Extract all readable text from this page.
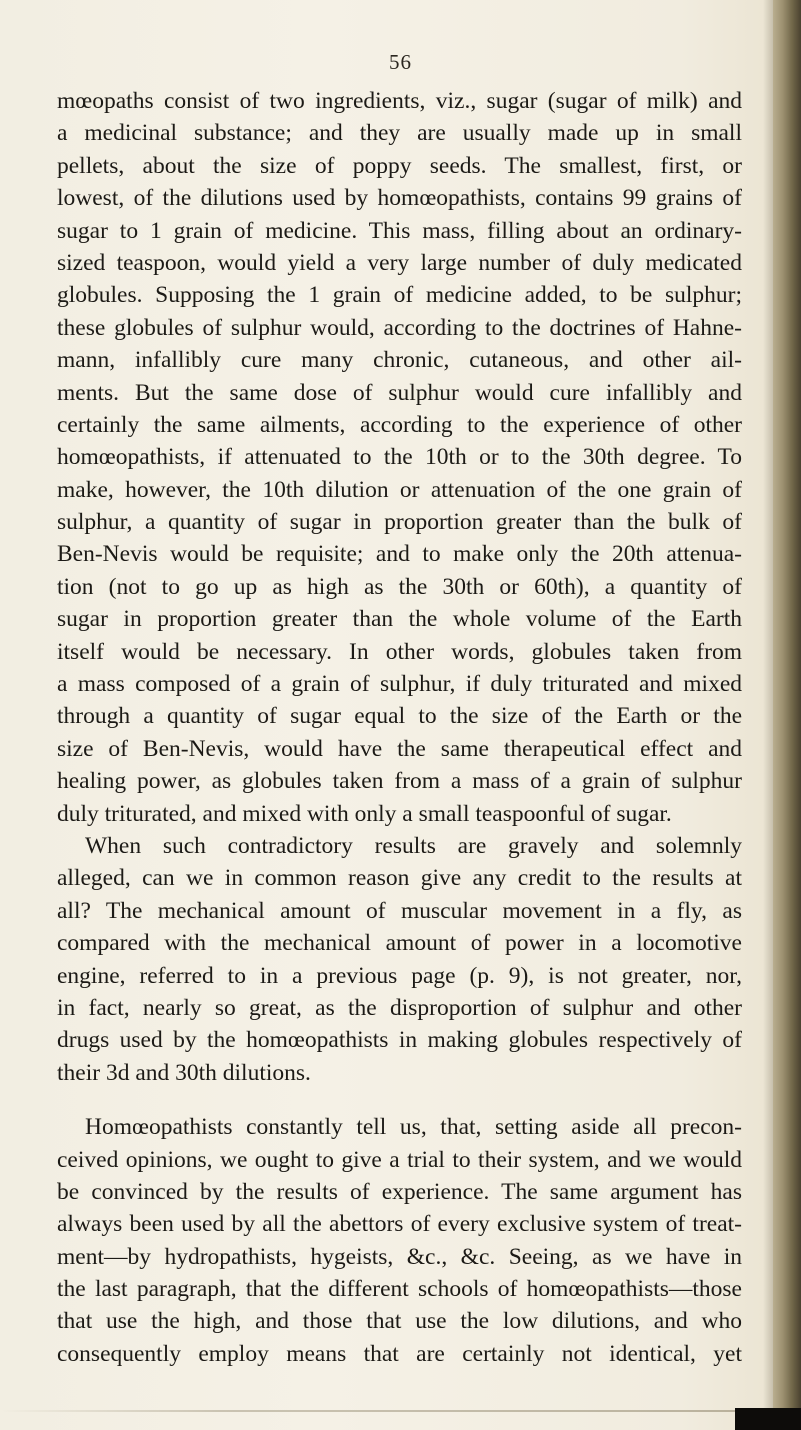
56
mœopaths consist of two ingredients, viz., sugar (sugar of milk) and
a medicinal substance; and they are usually made up in small
pellets, about the size of poppy seeds. The smallest, first, or
lowest, of the dilutions used by homœopathists, contains 99 grains of
sugar to 1 grain of medicine. This mass, filling about an ordinary-
sized teaspoon, would yield a very large number of duly medicated
globules. Supposing the 1 grain of medicine added, to be sulphur;
these globules of sulphur would, according to the doctrines of Hahne-
mann, infallibly cure many chronic, cutaneous, and other ail-
ments. But the same dose of sulphur would cure infallibly and
certainly the same ailments, according to the experience of other
homœopathists, if attenuated to the 10th or to the 30th degree. To
make, however, the 10th dilution or attenuation of the one grain of
sulphur, a quantity of sugar in proportion greater than the bulk of
Ben-Nevis would be requisite; and to make only the 20th attenua-
tion (not to go up as high as the 30th or 60th), a quantity of
sugar in proportion greater than the whole volume of the Earth
itself would be necessary. In other words, globules taken from
a mass composed of a grain of sulphur, if duly triturated and mixed
through a quantity of sugar equal to the size of the Earth or the
size of Ben-Nevis, would have the same therapeutical effect and
healing power, as globules taken from a mass of a grain of sulphur
duly triturated, and mixed with only a small teaspoonful of sugar.
When such contradictory results are gravely and solemnly
alleged, can we in common reason give any credit to the results at
all? The mechanical amount of muscular movement in a fly, as
compared with the mechanical amount of power in a locomotive
engine, referred to in a previous page (p. 9), is not greater, nor,
in fact, nearly so great, as the disproportion of sulphur and other
drugs used by the homœopathists in making globules respectively of
their 3d and 30th dilutions.
Homœopathists constantly tell us, that, setting aside all precon-
ceived opinions, we ought to give a trial to their system, and we would
be convinced by the results of experience. The same argument has
always been used by all the abettors of every exclusive system of treat-
ment—by hydropathists, hygeists, &c., &c. Seeing, as we have in
the last paragraph, that the different schools of homœopathists—those
that use the high, and those that use the low dilutions, and who
consequently employ means that are certainly not identical, yet
